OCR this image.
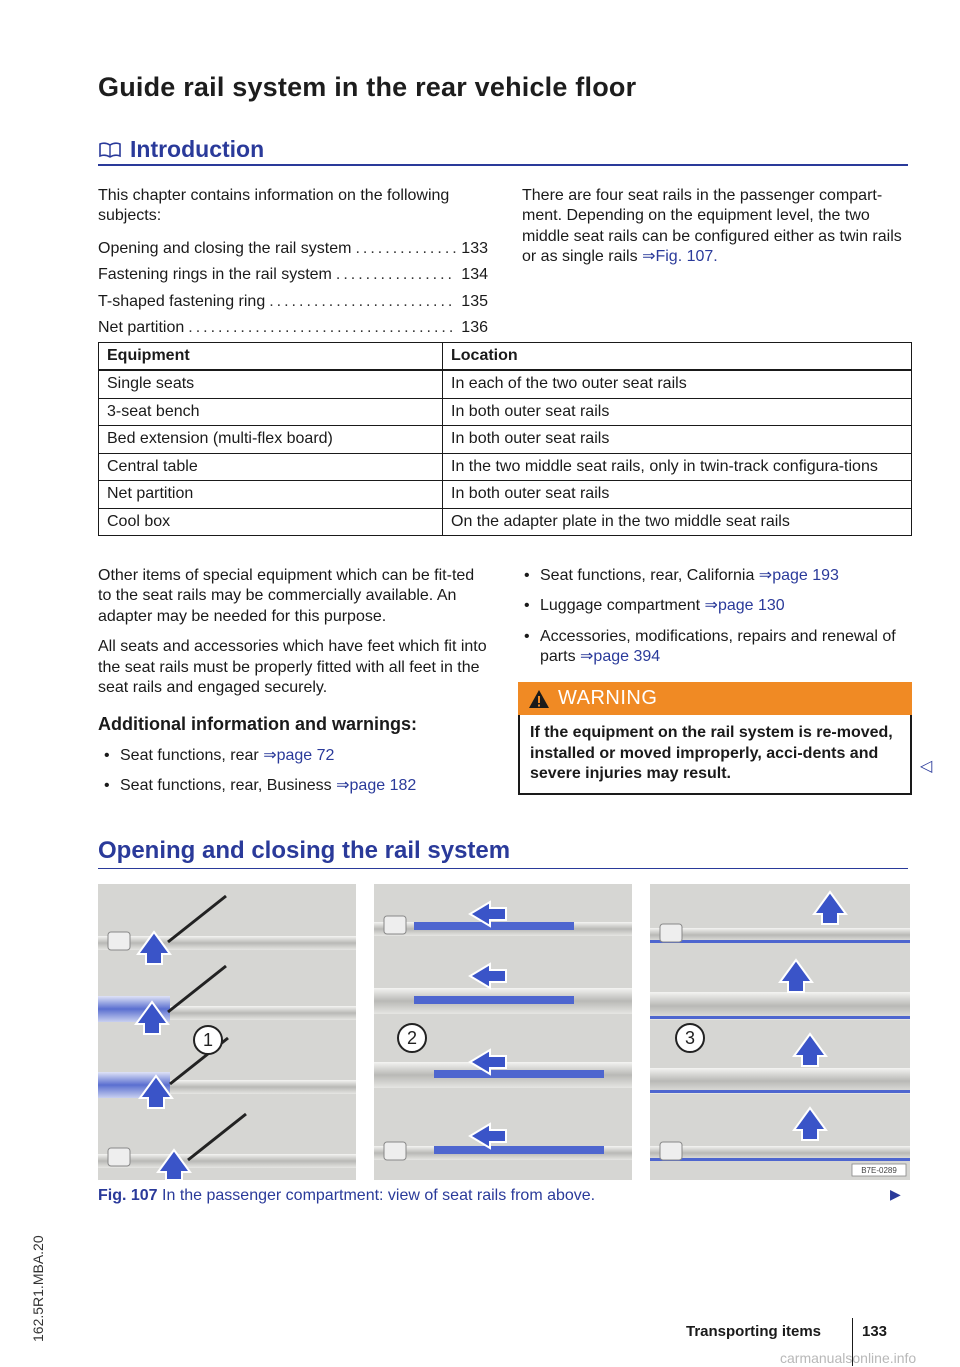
162.5R1.MBA.20
Guide rail system in the rear vehicle floor
Introduction

This chapter contains information on the following subjects:

Opening and closing the rail system .....	133
Fastening rings in the rail system .....	134
T-shaped fastening ring .....	135
Net partition .....	136

There are four seat rails in the passenger compart-ment. Depending on the equipment level, the two middle seat rails can be configured either as twin rails or as single rails ⇒Fig. 107.

Equipment	Location
Single seats	In each of the two outer seat rails
3-seat bench	In both outer seat rails
Bed extension (multi-flex board)	In both outer seat rails
Central table	In the two middle seat rails, only in twin-track configura-tions
Net partition	In both outer seat rails
Cool box	On the adapter plate in the two middle seat rails

Other items of special equipment which can be fit-ted to the seat rails may be commercially available. An adapter may be needed for this purpose.

All seats and accessories which have feet which fit into the seat rails must be properly fitted with all feet in the seat rails and engaged securely.

Additional information and warnings:
• Seat functions, rear ⇒page 72
• Seat functions, rear, Business ⇒page 182
• Seat functions, rear, California ⇒page 193
• Luggage compartment ⇒page 130
• Accessories, modifications, repairs and renewal of parts ⇒page 394
WARNING
If the equipment on the rail system is re-moved, installed or moved improperly, acci-dents and severe injuries may result.	◁
Opening and closing the rail system
1	2	3
B7E-0289
Fig. 107 In the passenger compartment: view of seat rails from above.	▶
Transporting items	133
carmanualsonline.info
